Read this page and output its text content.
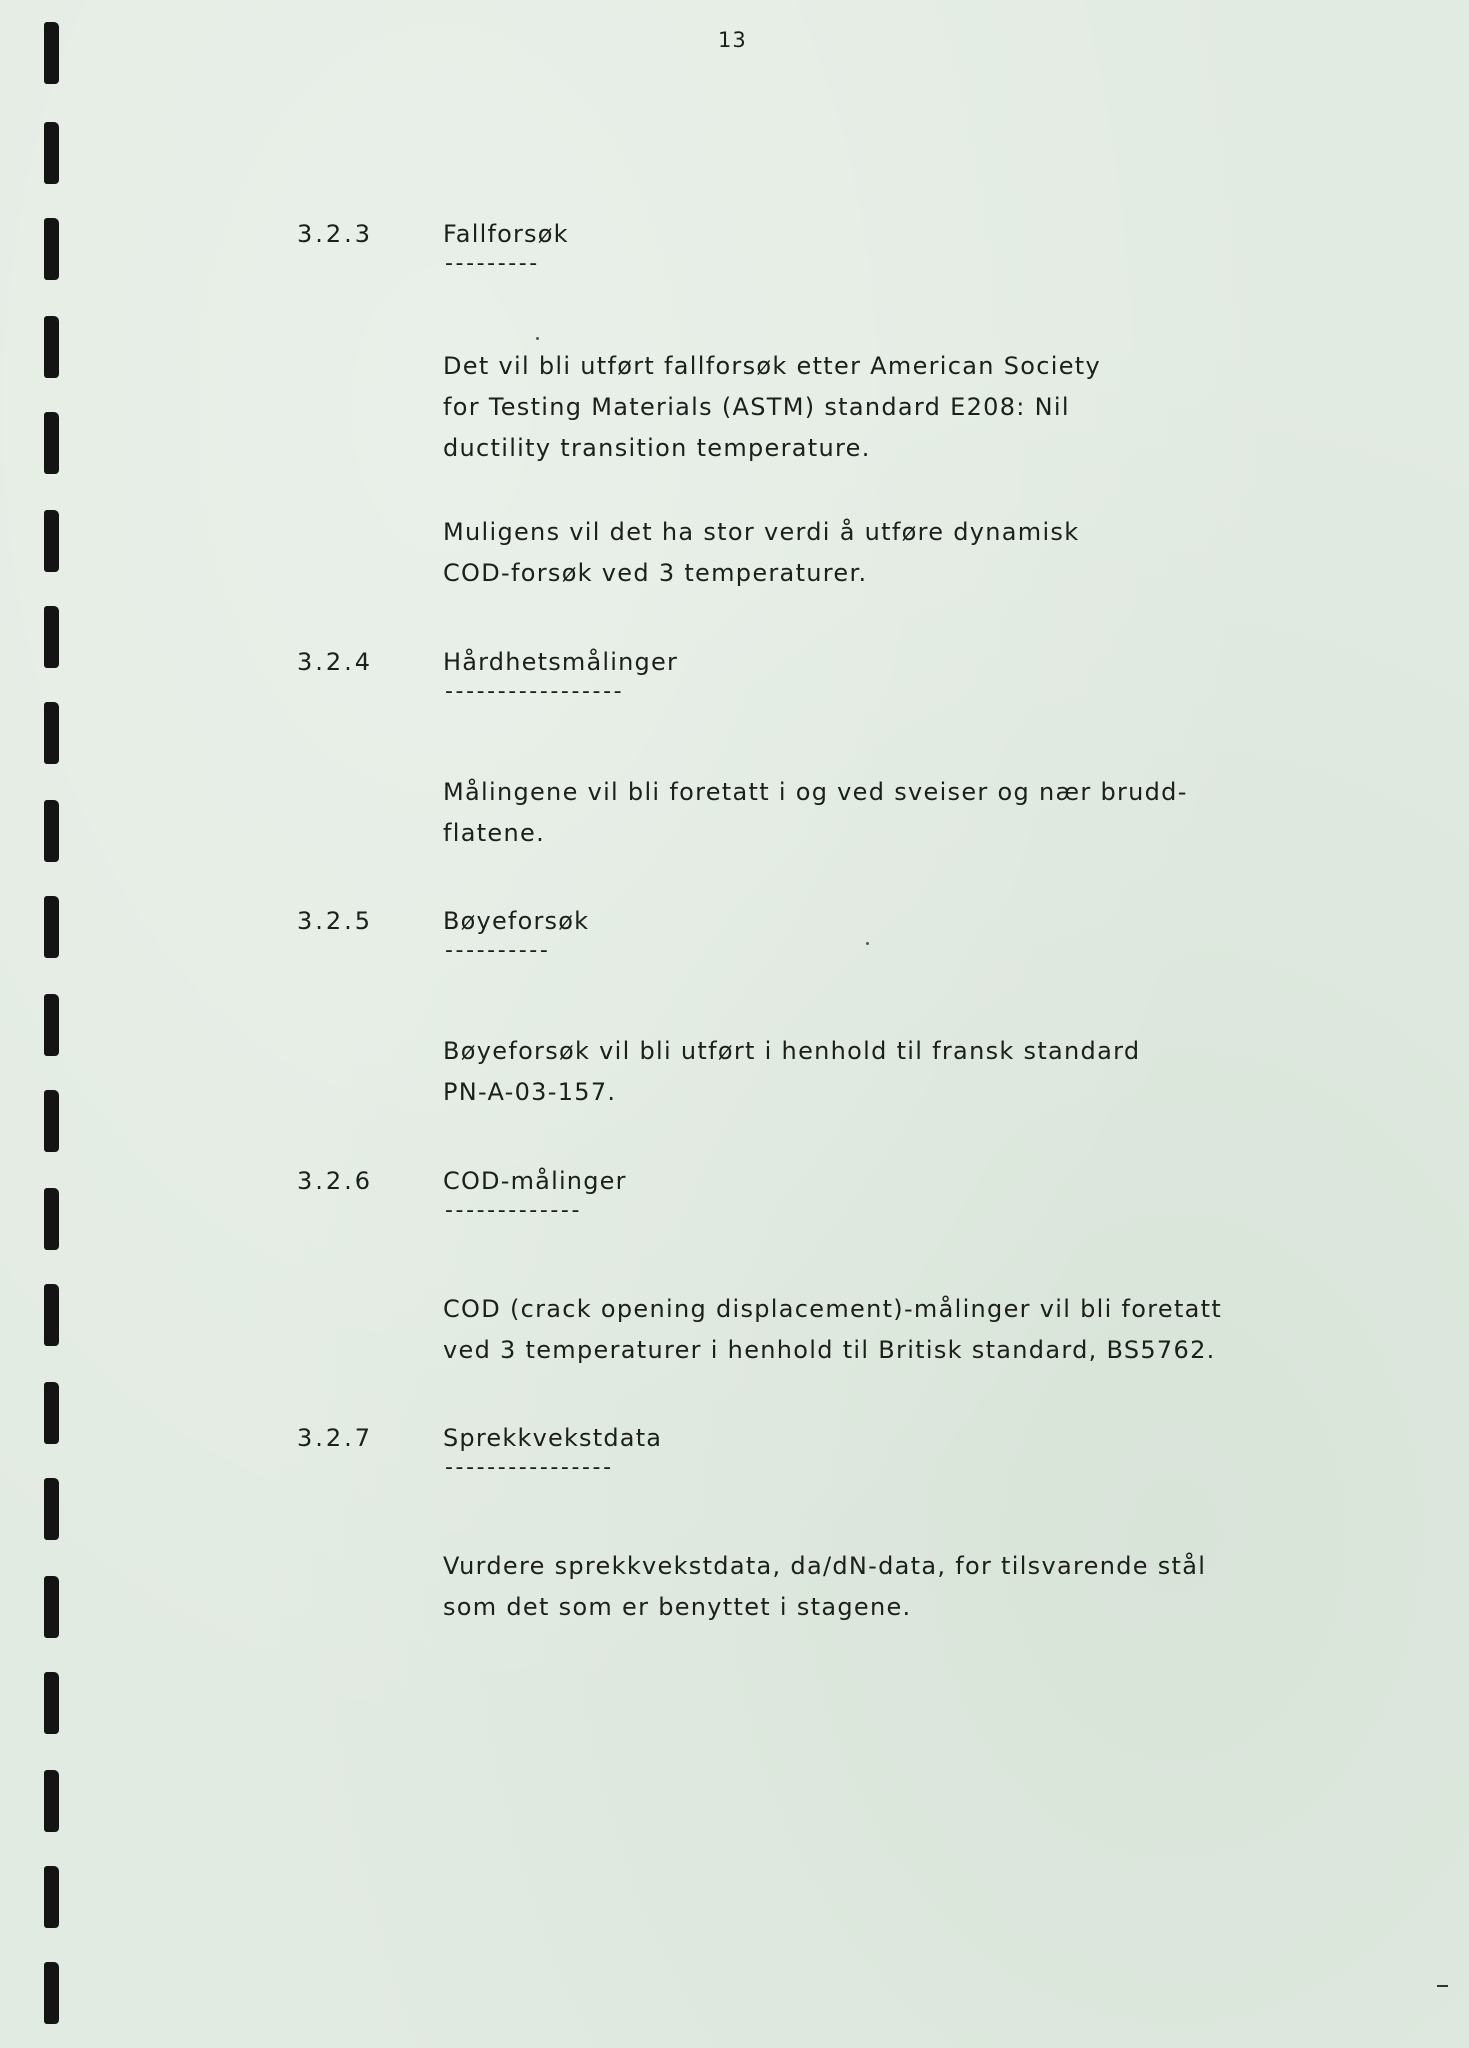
13
3.2.3	Fallforsøk
---------
Det vil bli utført fallforsøk etter American Society
for Testing Materials (ASTM) standard E208: Nil
ductility transition temperature.
Muligens vil det ha stor verdi å utføre dynamisk
COD-forsøk ved 3 temperaturer.
3.2.4	Hårdhetsmålinger
-----------------
Målingene vil bli foretatt i og ved sveiser og nær brudd-
flatene.
3.2.5	Bøyeforsøk
----------
Bøyeforsøk vil bli utført i henhold til fransk standard
PN-A-03-157.
3.2.6	COD-målinger
-------------
COD (crack opening displacement)-målinger vil bli foretatt
ved 3 temperaturer i henhold til Britisk standard, BS5762.
3.2.7	Sprekkvekstdata
----------------
Vurdere sprekkvekstdata, da/dN-data, for tilsvarende stål
som det som er benyttet i stagene.
